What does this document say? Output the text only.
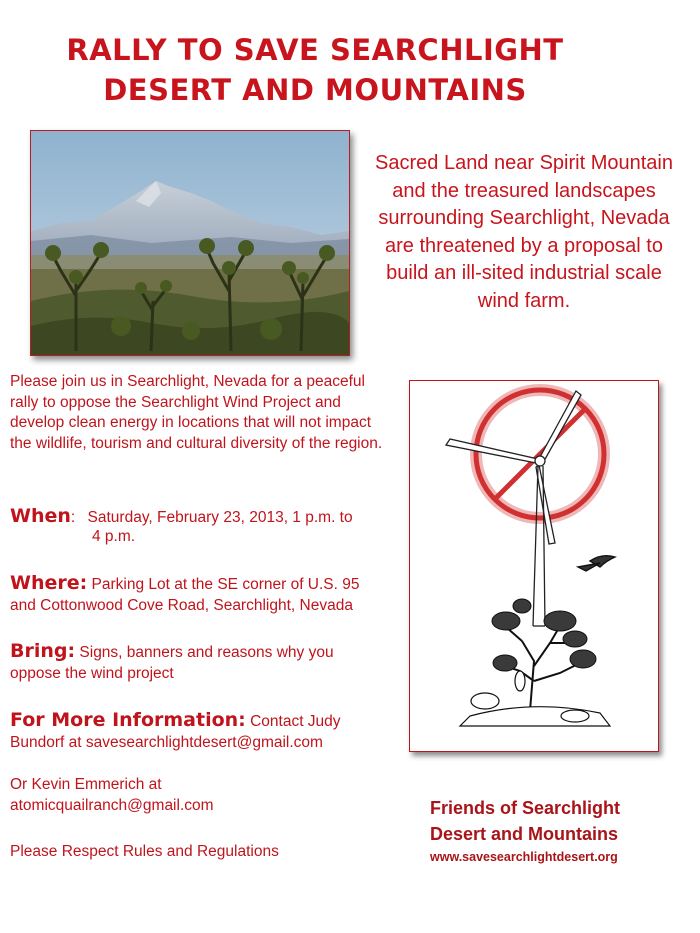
RALLY TO SAVE SEARCHLIGHT
DESERT AND MOUNTAINS
Sacred Land near Spirit Mountain
and the treasured landscapes
surrounding Searchlight, Nevada
are threatened by a proposal to
build an ill-sited industrial scale
wind farm.
Please join us in Searchlight, Nevada for a peaceful rally to oppose the Searchlight Wind Project and develop clean energy in locations that will not impact the wildlife, tourism and cultural diversity of the region.
When: Saturday, February 23, 2013, 1 p.m. to
4 p.m.
Where: Parking Lot at the SE corner of U.S. 95 and Cottonwood Cove Road, Searchlight, Nevada
Bring: Signs, banners and reasons why you oppose the wind project
For More Information: Contact Judy Bundorf at savesearchlightdesert@gmail.com
Or Kevin Emmerich at
atomicquailranch@gmail.com
Please Respect Rules and Regulations
Friends of Searchlight
Desert and Mountains
www.savesearchlightdesert.org
